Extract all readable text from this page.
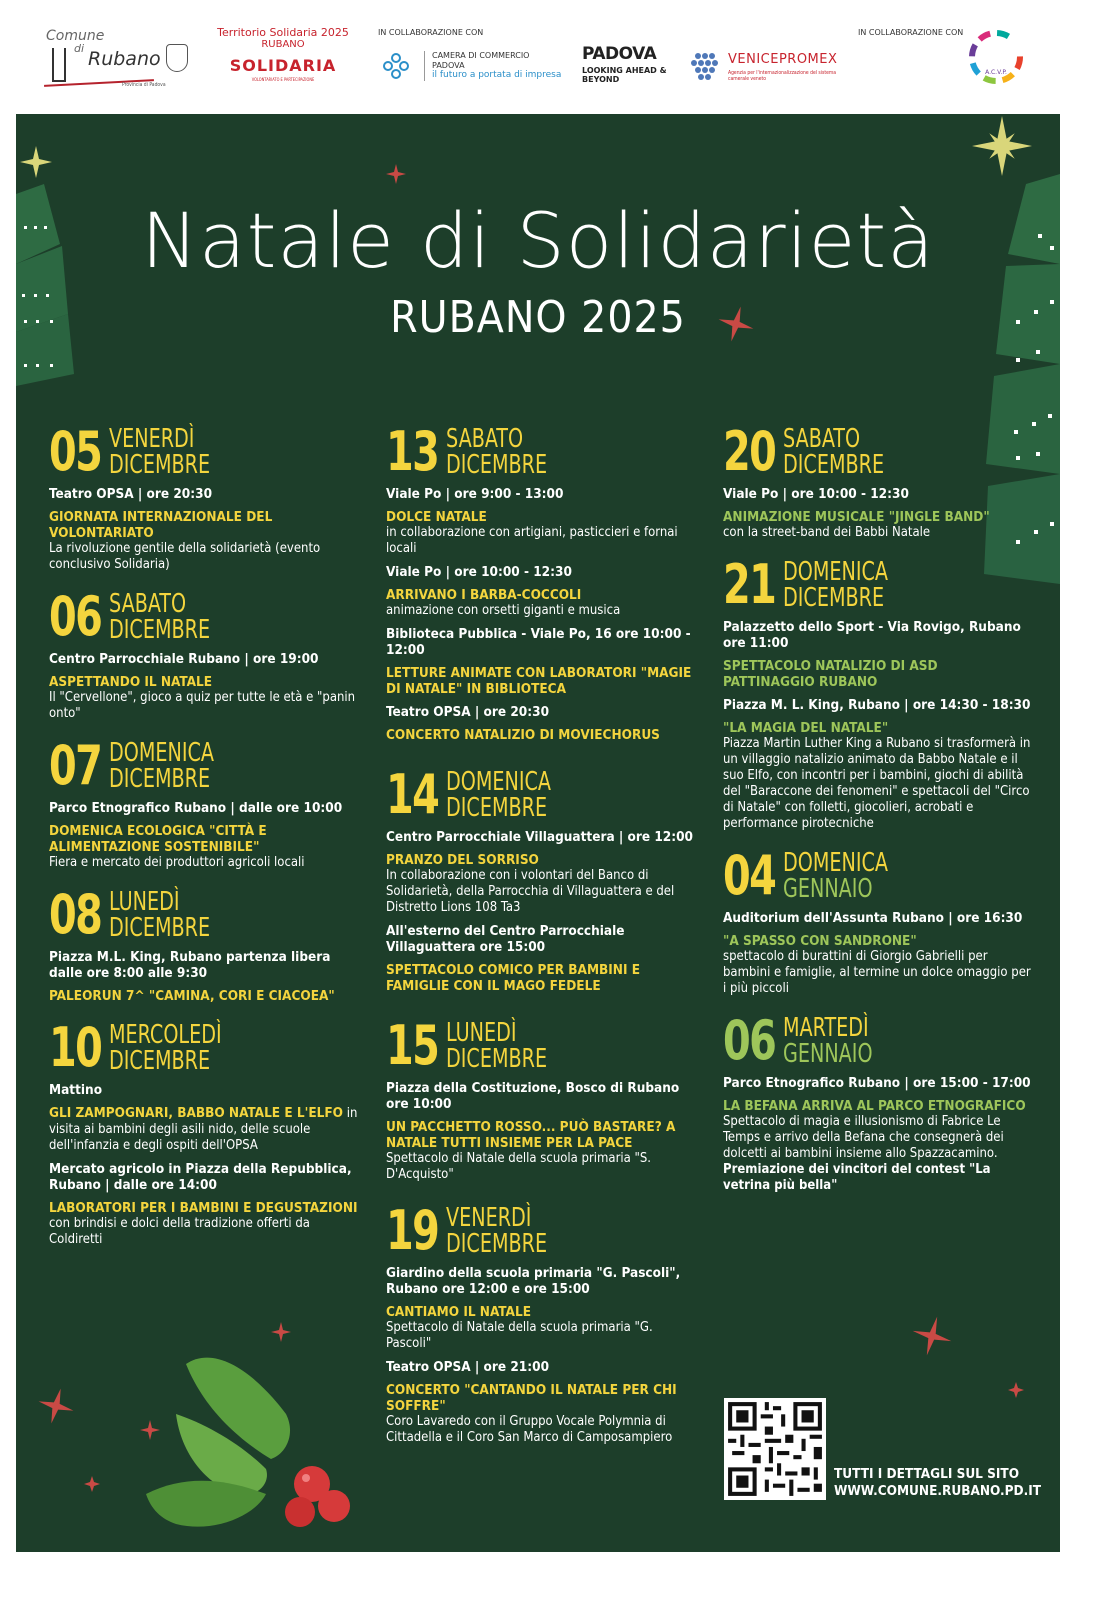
Comune
di Rubano
Provincia di Padova
Territorio Solidaria 2025
RUBANO
SOLIDARIA
VOLONTARIATO E PARTECIPAZIONE
IN COLLABORAZIONE CON
CAMERA DI COMMERCIO
PADOVA
il futuro a portata di impresa
PADOVA
LOOKING AHEAD & BEYOND
VENICEPROMEX
Agenzia per l'internazionalizzazione del sistema camerale veneto
IN COLLABORAZIONE CON
A.C.V.P.
Natale di Solidarietà
RUBANO 2025
05 VENERDÌ
DICEMBRE
Teatro OPSA | ore 20:30
GIORNATA INTERNAZIONALE DEL VOLONTARIATO
La rivoluzione gentile della solidarietà (evento conclusivo Solidaria)
06 SABATO
DICEMBRE
Centro Parrocchiale Rubano | ore 19:00
ASPETTANDO IL NATALE
Il "Cervellone", gioco a quiz per tutte le età e "panin onto"
07 DOMENICA
DICEMBRE
Parco Etnografico Rubano | dalle ore 10:00
DOMENICA ECOLOGICA "CITTÀ E ALIMENTAZIONE SOSTENIBILE"
Fiera e mercato dei produttori agricoli locali
08 LUNEDÌ
DICEMBRE
Piazza M.L. King, Rubano partenza libera dalle ore 8:00 alle 9:30
PALEORUN 7^ "CAMINA, CORI E CIACOEA"
10 MERCOLEDÌ
DICEMBRE
Mattino
GLI ZAMPOGNARI, BABBO NATALE E L'ELFO in visita ai bambini degli asili nido, delle scuole dell'infanzia e degli ospiti dell'OPSA
Mercato agricolo in Piazza della Repubblica, Rubano | dalle ore 14:00
LABORATORI PER I BAMBINI E DEGUSTAZIONI
con brindisi e dolci della tradizione offerti da Coldiretti
13 SABATO
DICEMBRE
Viale Po | ore 9:00 - 13:00
DOLCE NATALE
in collaborazione con artigiani, pasticcieri e fornai locali
Viale Po | ore 10:00 - 12:30
ARRIVANO I BARBA-COCCOLI
animazione con orsetti giganti e musica
Biblioteca Pubblica - Viale Po, 16 ore 10:00 - 12:00
LETTURE ANIMATE CON LABORATORI "MAGIE DI NATALE" IN BIBLIOTECA
Teatro OPSA | ore 20:30
CONCERTO NATALIZIO DI MOVIECHORUS
14 DOMENICA
DICEMBRE
Centro Parrocchiale Villaguattera | ore 12:00
PRANZO DEL SORRISO
In collaborazione con i volontari del Banco di Solidarietà, della Parrocchia di Villaguattera e del Distretto Lions 108 Ta3
All'esterno del Centro Parrocchiale Villaguattera ore 15:00
SPETTACOLO COMICO PER BAMBINI E FAMIGLIE CON IL MAGO FEDELE
15 LUNEDÌ
DICEMBRE
Piazza della Costituzione, Bosco di Rubano ore 10:00
UN PACCHETTO ROSSO... PUÒ BASTARE? A NATALE TUTTI INSIEME PER LA PACE
Spettacolo di Natale della scuola primaria "S. D'Acquisto"
19 VENERDÌ
DICEMBRE
Giardino della scuola primaria "G. Pascoli", Rubano ore 12:00 e ore 15:00
CANTIAMO IL NATALE
Spettacolo di Natale della scuola primaria "G. Pascoli"
Teatro OPSA | ore 21:00
CONCERTO "CANTANDO IL NATALE PER CHI SOFFRE"
Coro Lavaredo con il Gruppo Vocale Polymnia di Cittadella e il Coro San Marco di Camposampiero
20 SABATO
DICEMBRE
Viale Po | ore 10:00 - 12:30
ANIMAZIONE MUSICALE "JINGLE BAND"
con la street-band dei Babbi Natale
21 DOMENICA
DICEMBRE
Palazzetto dello Sport - Via Rovigo, Rubano ore 11:00
SPETTACOLO NATALIZIO DI ASD PATTINAGGIO RUBANO
Piazza M. L. King, Rubano | ore 14:30 - 18:30
"LA MAGIA DEL NATALE"
Piazza Martin Luther King a Rubano si trasformerà in un villaggio natalizio animato da Babbo Natale e il suo Elfo, con incontri per i bambini, giochi di abilità del "Baraccone dei fenomeni" e spettacoli del "Circo di Natale" con folletti, giocolieri, acrobati e performance pirotecniche
04 DOMENICA
GENNAIO
Auditorium dell'Assunta Rubano | ore 16:30
"A SPASSO CON SANDRONE"
spettacolo di burattini di Giorgio Gabrielli per bambini e famiglie, al termine un dolce omaggio per i più piccoli
06 MARTEDÌ
GENNAIO
Parco Etnografico Rubano | ore 15:00 - 17:00
LA BEFANA ARRIVA AL PARCO ETNOGRAFICO
Spettacolo di magia e illusionismo di Fabrice Le Temps e arrivo della Befana che consegnerà dei dolcetti ai bambini insieme allo Spazzacamino. Premiazione dei vincitori del contest "La vetrina più bella"
TUTTI I DETTAGLI SUL SITO
WWW.COMUNE.RUBANO.PD.IT
